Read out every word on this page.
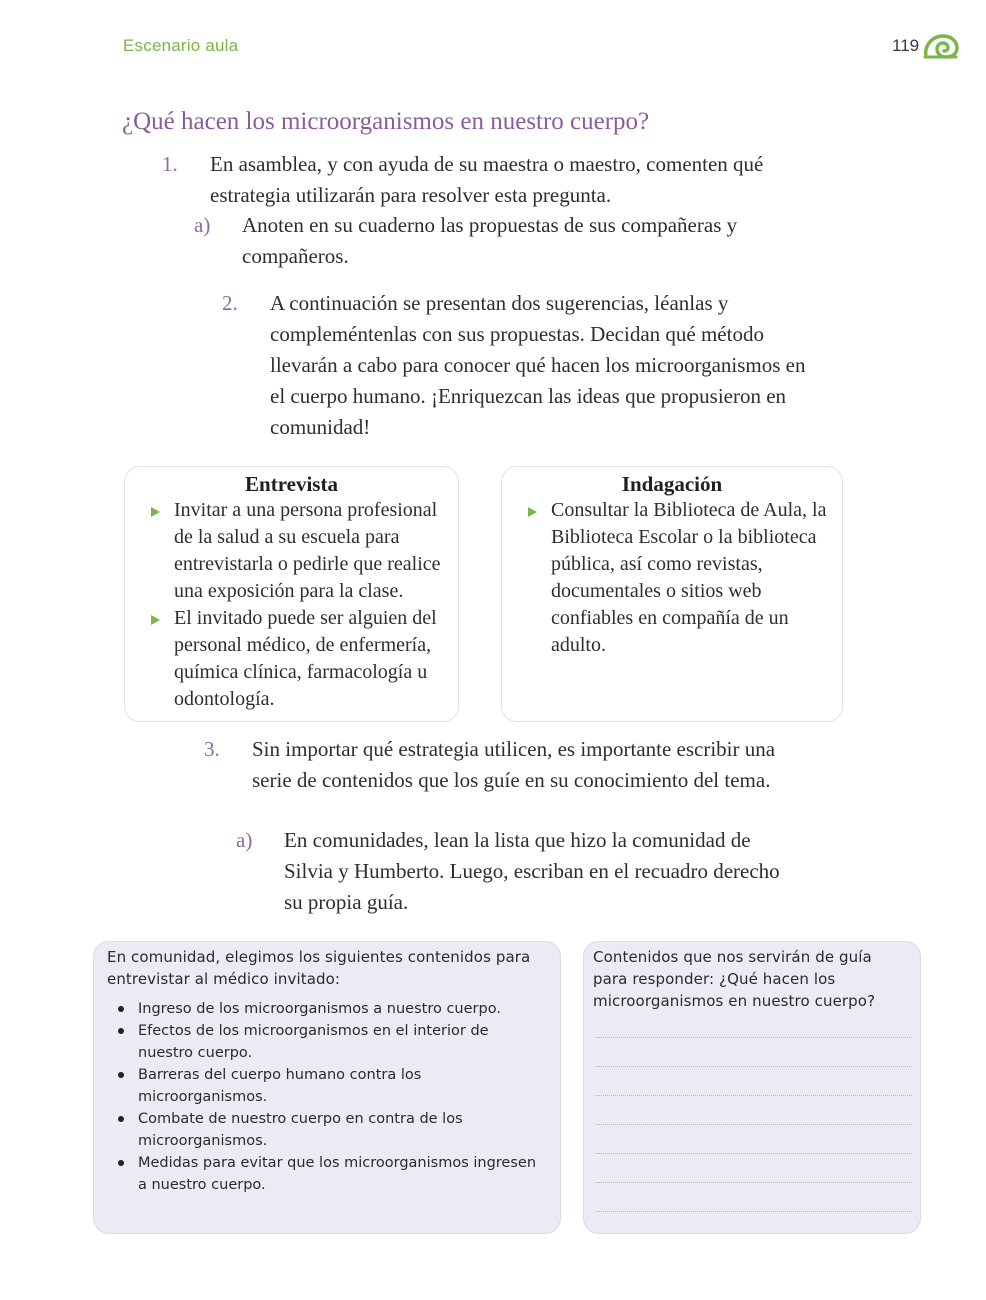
Escenario aula	119
¿Qué hacen los microorganismos en nuestro cuerpo?
1. En asamblea, y con ayuda de su maestra o maestro, comenten qué estrategia utilizarán para resolver esta pregunta.
a) Anoten en su cuaderno las propuestas de sus compañeras y compañeros.
2. A continuación se presentan dos sugerencias, léanlas y compleméntenlas con sus propuestas. Decidan qué método llevarán a cabo para conocer qué hacen los microorganismos en el cuerpo humano. ¡Enriquezcan las ideas que propusieron en comunidad!
Entrevista
Invitar a una persona profesional de la salud a su escuela para entrevistarla o pedirle que realice una exposición para la clase.
El invitado puede ser alguien del personal médico, de enfermería, química clínica, farmacología u odontología.
Indagación
Consultar la Biblioteca de Aula, la Biblioteca Escolar o la biblioteca pública, así como revistas, documentales o sitios web confiables en compañía de un adulto.
3. Sin importar qué estrategia utilicen, es importante escribir una serie de contenidos que los guíe en su conocimiento del tema.
a) En comunidades, lean la lista que hizo la comunidad de Silvia y Humberto. Luego, escriban en el recuadro derecho su propia guía.
En comunidad, elegimos los siguientes contenidos para entrevistar al médico invitado:
Ingreso de los microorganismos a nuestro cuerpo.
Efectos de los microorganismos en el interior de nuestro cuerpo.
Barreras del cuerpo humano contra los microorganismos.
Combate de nuestro cuerpo en contra de los microorganismos.
Medidas para evitar que los microorganismos ingresen a nuestro cuerpo.
Contenidos que nos servirán de guía para responder: ¿Qué hacen los microorganismos en nuestro cuerpo?
